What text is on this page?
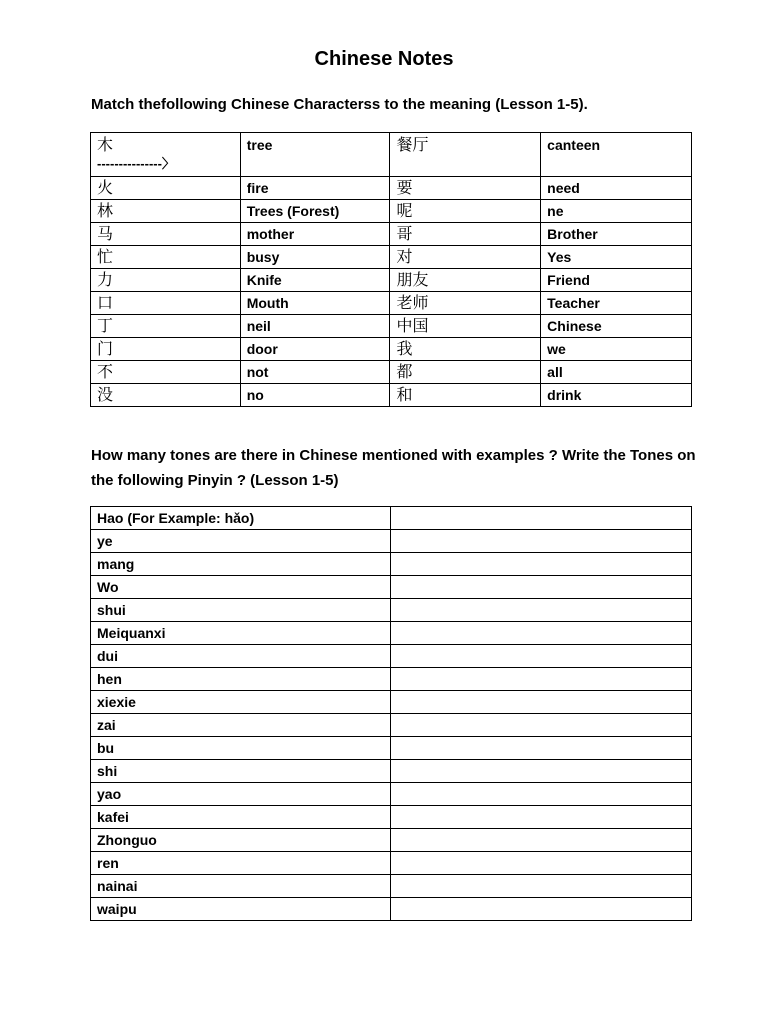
Chinese Notes

Match thefollowing Chinese Characterss to the meaning (Lesson 1-5).

木
---------------〉	tree	餐厅	canteen
火	fire	要	need
林	Trees (Forest)	呢	ne
马	mother	哥	Brother
忙	busy	对	Yes
力	Knife	朋友	Friend
口	Mouth	老师	Teacher
丁	neil	中国	Chinese
门	door	我	we
不	not	都	all
没	no	和	drink

How many tones are there in Chinese mentioned with examples ? Write the Tones on the following Pinyin ? (Lesson 1-5)

Hao (For Example: hǎo)	
ye	
mang	
Wo	
shui	
Meiquanxi	
dui	
hen	
xiexie	
zai	
bu	
shi	
yao	
kafei	
Zhonguo	
ren	
nainai	
waipu	
